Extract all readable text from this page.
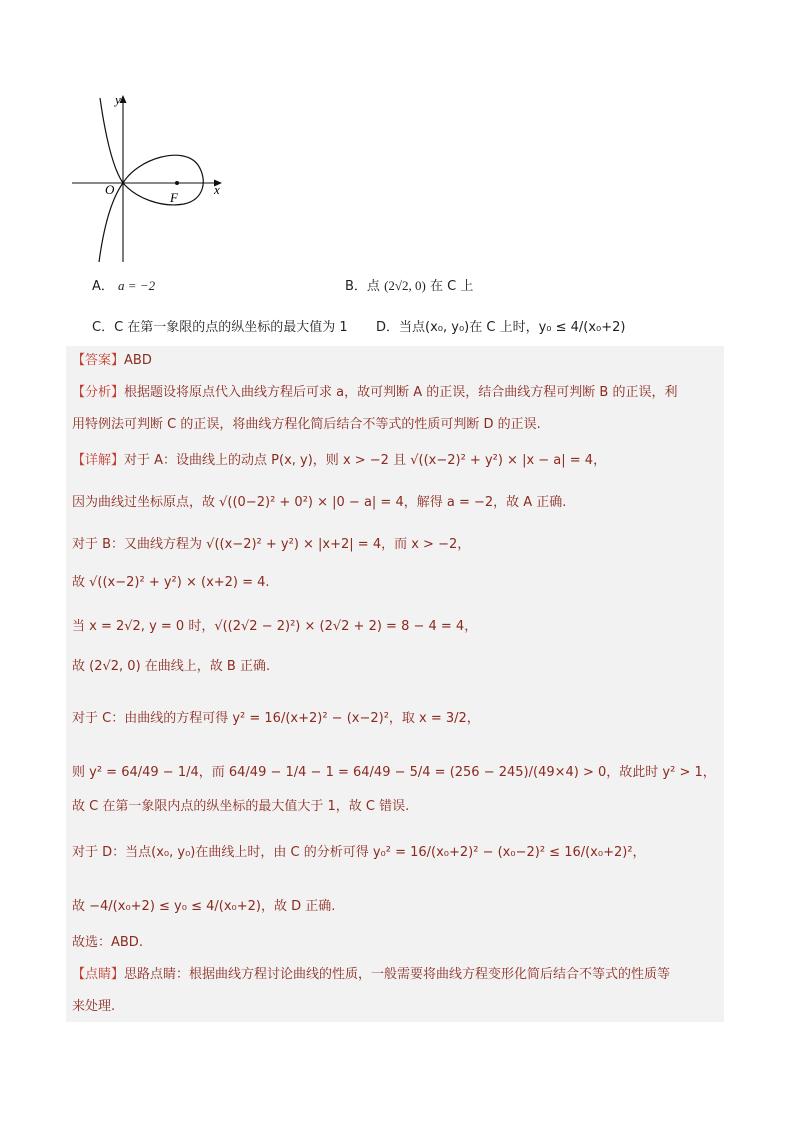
y
x
O
F
A． a = −2	B．点 (2√2, 0) 在 C 上
C．C 在第一象限的点的纵坐标的最大值为 1 D．当点(x₀, y₀)在 C 上时，y₀ ≤ 4/(x₀+2)
【答案】ABD
【分析】根据题设将原点代入曲线方程后可求 a，故可判断 A 的正误，结合曲线方程可判断 B 的正误，利
用特例法可判断 C 的正误，将曲线方程化简后结合不等式的性质可判断 D 的正误.
【详解】对于 A：设曲线上的动点 P(x, y)，则 x > −2 且 √((x−2)² + y²) × |x − a| = 4，
因为曲线过坐标原点，故 √((0−2)² + 0²) × |0 − a| = 4，解得 a = −2，故 A 正确.
对于 B：又曲线方程为 √((x−2)² + y²) × |x+2| = 4，而 x > −2，
故 √((x−2)² + y²) × (x+2) = 4.
当 x = 2√2, y = 0 时，√((2√2 − 2)²) × (2√2 + 2) = 8 − 4 = 4，
故 (2√2, 0) 在曲线上，故 B 正确.
对于 C：由曲线的方程可得 y² = 16/(x+2)² − (x−2)²，取 x = 3/2，
则 y² = 64/49 − 1/4，而 64/49 − 1/4 − 1 = 64/49 − 5/4 = (256 − 245)/(49×4) > 0，故此时 y² > 1，
故 C 在第一象限内点的纵坐标的最大值大于 1，故 C 错误.
对于 D：当点(x₀, y₀)在曲线上时，由 C 的分析可得 y₀² = 16/(x₀+2)² − (x₀−2)² ≤ 16/(x₀+2)²，
故 −4/(x₀+2) ≤ y₀ ≤ 4/(x₀+2)，故 D 正确.
故选：ABD.
【点睛】思路点睛：根据曲线方程讨论曲线的性质，一般需要将曲线方程变形化简后结合不等式的性质等
来处理.
